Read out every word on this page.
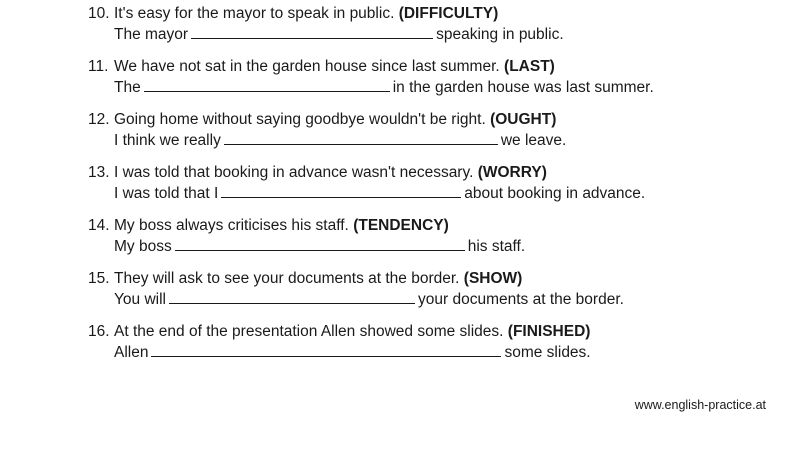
10. It's easy for the mayor to speak in public. (DIFFICULTY)
The mayor	speaking in public.
11. We have not sat in the garden house since last summer. (LAST)
The	in the garden house was last summer.
12. Going home without saying goodbye wouldn't be right. (OUGHT)
I think we really	we leave.
13. I was told that booking in advance wasn't necessary. (WORRY)
I was told that I	about booking in advance.
14. My boss always criticises his staff. (TENDENCY)
My boss	his staff.
15. They will ask to see your documents at the border. (SHOW)
You will	your documents at the border.
16. At the end of the presentation Allen showed some slides. (FINISHED)
Allen	some slides.
www.english-practice.at
